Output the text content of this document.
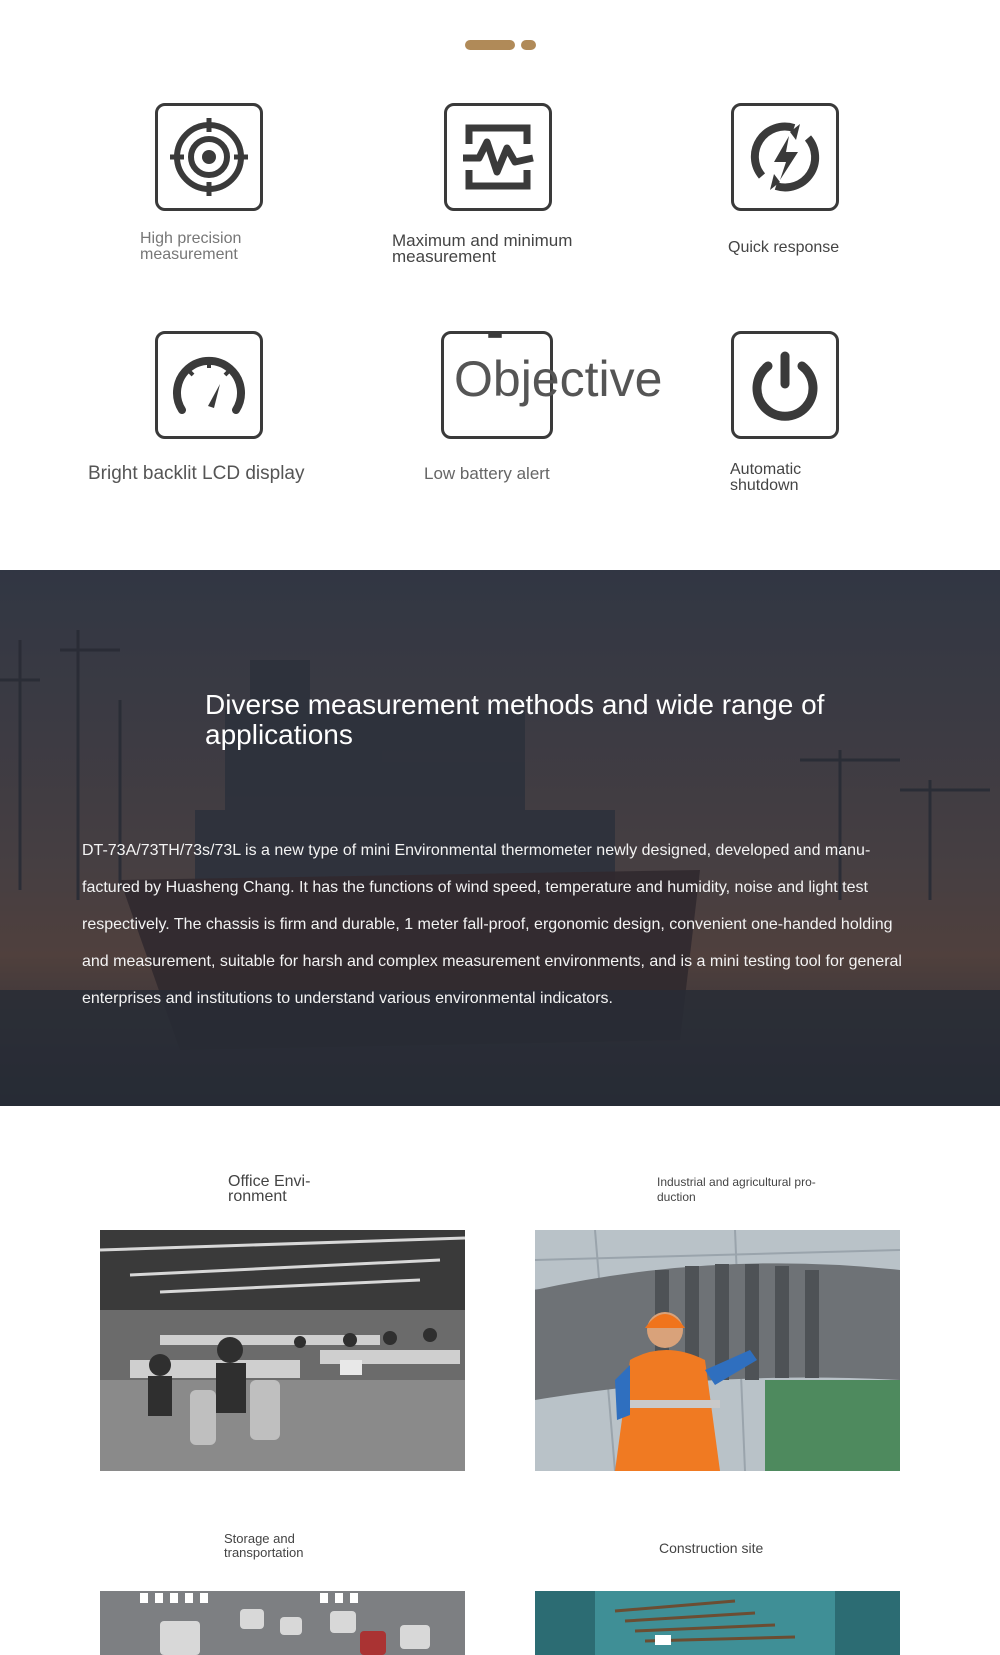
High precision measurement
Maximum and minimum measurement	Quick response
Bright backlit LCD display
Objective
Low battery alert	Automatic shutdown
Diverse measurement methods and wide range of applications
DT-73A/73TH/73s/73L is a new type of mini Environmental thermometer newly designed, developed and manu-factured by Huasheng Chang. It has the functions of wind speed, temperature and humidity, noise and light test respectively. The chassis is firm and durable, 1 meter fall-proof, ergonomic design, convenient one-handed holding and measurement, suitable for harsh and complex measurement environments, and is a mini testing tool for general enterprises and institutions to understand various environmental indicators.
Office Envi-ronment
Industrial and agricultural pro-duction
Storage and transportation	Construction site
